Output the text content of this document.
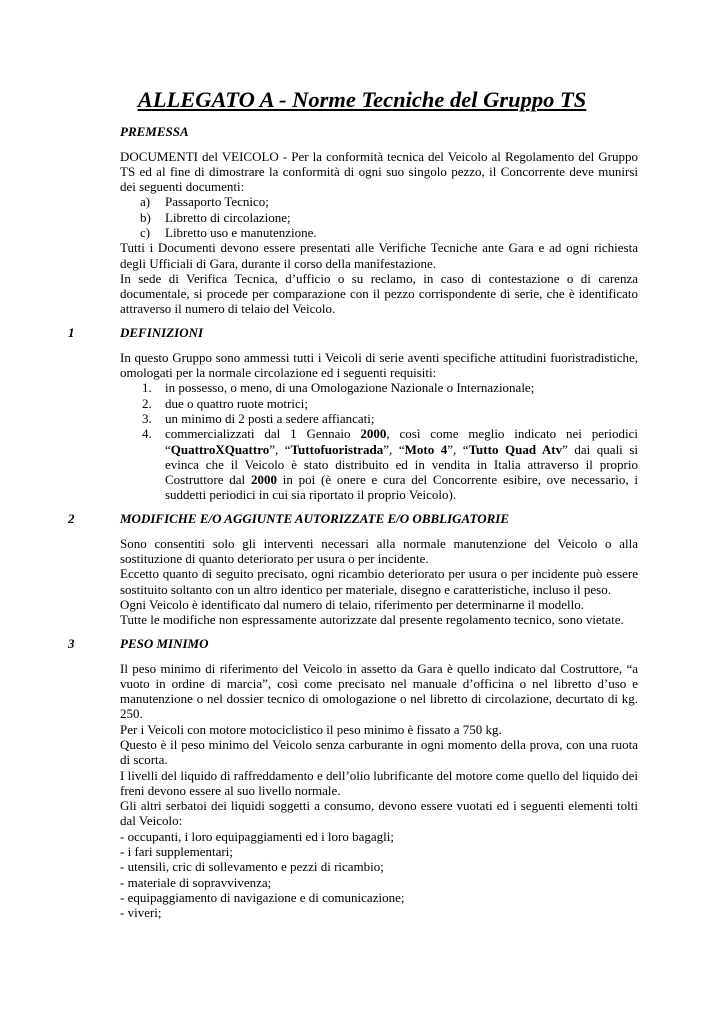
ALLEGATO A - Norme Tecniche del Gruppo TS
PREMESSA

DOCUMENTI del VEICOLO - Per la conformità tecnica del Veicolo al Regolamento del Gruppo TS ed al fine di dimostrare la conformità di ogni suo singolo pezzo, il Concorrente deve munirsi dei seguenti documenti:

a) Passaporto Tecnico;
b) Libretto di circolazione;
c) Libretto uso e manutenzione.

Tutti i Documenti devono essere presentati alle Verifiche Tecniche ante Gara e ad ogni richiesta degli Ufficiali di Gara, durante il corso della manifestazione.

In sede di Verifica Tecnica, d’ufficio o su reclamo, in caso di contestazione o di carenza documentale, si procede per comparazione con il pezzo corrispondente di serie, che è identificato attraverso il numero di telaio del Veicolo.

1	DEFINIZIONI

In questo Gruppo sono ammessi tutti i Veicoli di serie aventi specifiche attitudini fuoristradistiche, omologati per la normale circolazione ed i seguenti requisiti:

1. in possesso, o meno, di una Omologazione Nazionale o Internazionale;
2. due o quattro ruote motrici;
3. un minimo di 2 posti a sedere affiancati;
4. commercializzati dal 1 Gennaio 2000, così come meglio indicato nei periodici “QuattroXQuattro”, “Tuttofuoristrada”, “Moto 4”, “Tutto Quad Atv” dai quali si evinca che il Veicolo è stato distribuito ed in vendita in Italia attraverso il proprio Costruttore dal 2000 in poi (è onere e cura del Concorrente esibire, ove necessario, i suddetti periodici in cui sia riportato il proprio Veicolo).
2	MODIFICHE E/O AGGIUNTE AUTORIZZATE E/O OBBLIGATORIE

Sono consentiti solo gli interventi necessari alla normale manutenzione del Veicolo o alla sostituzione di quanto deteriorato per usura o per incidente.

Eccetto quanto di seguito precisato, ogni ricambio deteriorato per usura o per incidente può essere sostituito soltanto con un altro identico per materiale, disegno e caratteristiche, incluso il peso.

Ogni Veicolo è identificato dal numero di telaio, riferimento per determinarne il modello.

Tutte le modifiche non espressamente autorizzate dal presente regolamento tecnico, sono vietate.

3	PESO MINIMO

Il peso minimo di riferimento del Veicolo in assetto da Gara è quello indicato dal Costruttore, “a vuoto in ordine di marcia”, così come precisato nel manuale d’officina o nel libretto d’uso e manutenzione o nel dossier tecnico di omologazione o nel libretto di circolazione, decurtato di kg. 250.

Per i Veicoli con motore motociclistico il peso minimo è fissato a 750 kg.

Questo è il peso minimo del Veicolo senza carburante in ogni momento della prova, con una ruota di scorta.

I livelli del liquido di raffreddamento e dell’olio lubrificante del motore come quello del liquido dei freni devono essere al suo livello normale.

Gli altri serbatoi dei liquidi soggetti a consumo, devono essere vuotati ed i seguenti elementi tolti dal Veicolo:

- occupanti, i loro equipaggiamenti ed i loro bagagli;

- i fari supplementari;

- utensili, cric di sollevamento e pezzi di ricambio;

- materiale di sopravvivenza;

- equipaggiamento di navigazione e di comunicazione;

- viveri;
